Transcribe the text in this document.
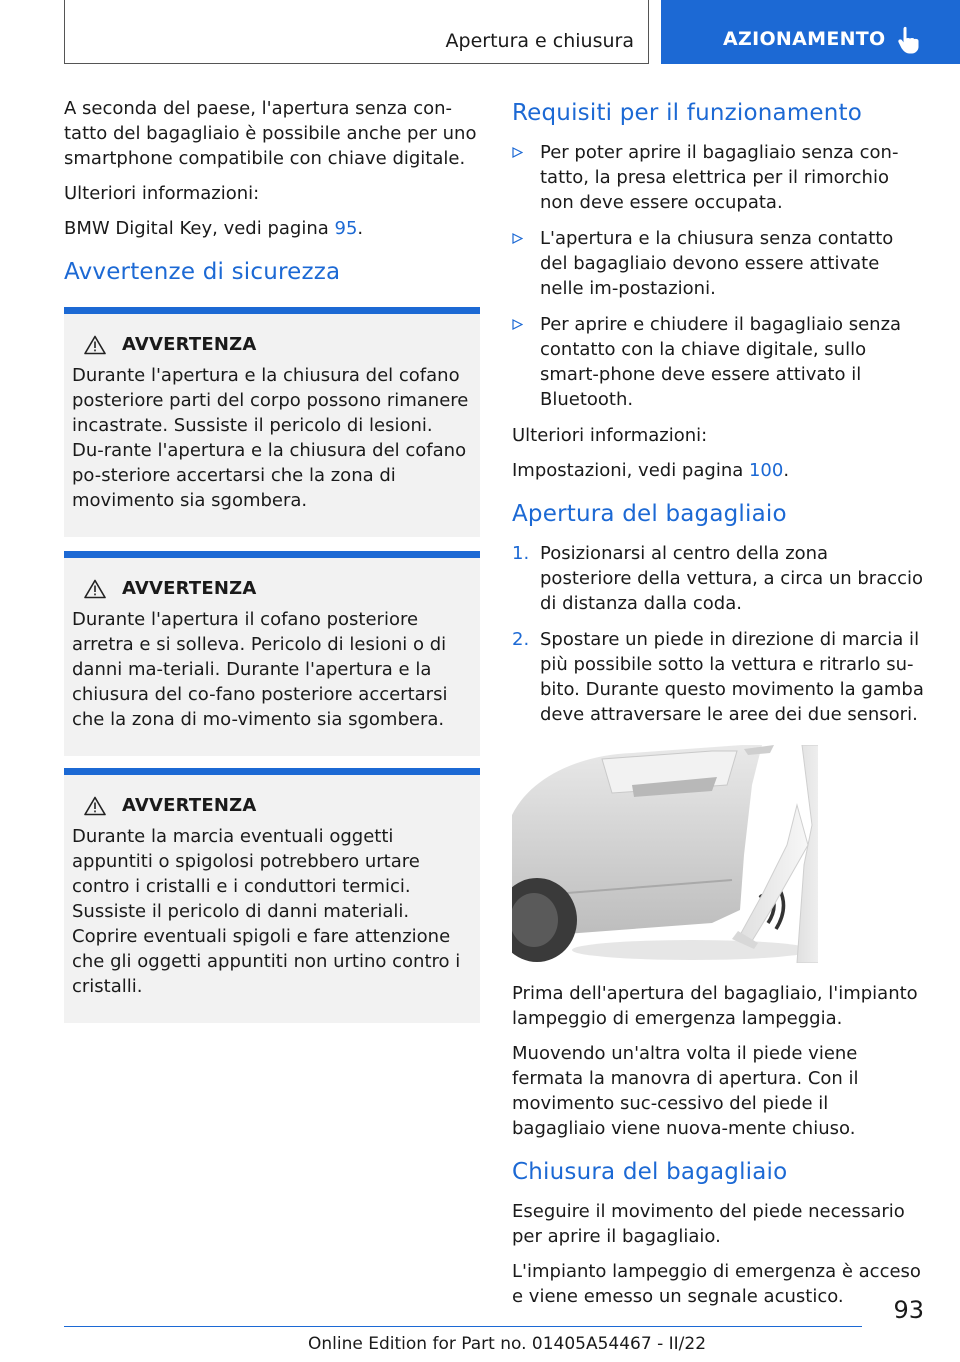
Apertura e chiusura	AZIONAMENTO

A seconda del paese, l'apertura senza con-tatto del bagagliaio è possibile anche per uno smartphone compatibile con chiave digitale.

Ulteriori informazioni:

BMW Digital Key, vedi pagina 95.

Avvertenze di sicurezza
AVVERTENZA

Durante l'apertura e la chiusura del cofano posteriore parti del corpo possono rimanere incastrate. Sussiste il pericolo di lesioni. Du-rante l'apertura e la chiusura del cofano po-steriore accertarsi che la zona di movimento sia sgombera.

AVVERTENZA

Durante l'apertura il cofano posteriore arretra e si solleva. Pericolo di lesioni o di danni ma-teriali. Durante l'apertura e la chiusura del co-fano posteriore accertarsi che la zona di mo-vimento sia sgombera.

AVVERTENZA

Durante la marcia eventuali oggetti appuntiti o spigolosi potrebbero urtare contro i cristalli e i conduttori termici. Sussiste il pericolo di danni materiali. Coprire eventuali spigoli e fare attenzione che gli oggetti appuntiti non urtino contro i cristalli.

Requisiti per il funzionamento
Per poter aprire il bagagliaio senza con-tatto, la presa elettrica per il rimorchio non deve essere occupata.
L'apertura e la chiusura senza contatto del bagagliaio devono essere attivate nelle im-postazioni.
Per aprire e chiudere il bagagliaio senza contatto con la chiave digitale, sullo smart-phone deve essere attivato il Bluetooth.

Ulteriori informazioni:

Impostazioni, vedi pagina 100.

Apertura del bagagliaio
1. Posizionarsi al centro della zona posteriore della vettura, a circa un braccio di distanza dalla coda.
2. Spostare un piede in direzione di marcia il più possibile sotto la vettura e ritrarlo su-bito. Durante questo movimento la gamba deve attraversare le aree dei due sensori.

Prima dell'apertura del bagagliaio, l'impianto lampeggio di emergenza lampeggia.

Muovendo un'altra volta il piede viene fermata la manovra di apertura. Con il movimento suc-cessivo del piede il bagagliaio viene nuova-mente chiuso.

Chiusura del bagagliaio

Eseguire il movimento del piede necessario per aprire il bagagliaio.

L'impianto lampeggio di emergenza è acceso e viene emesso un segnale acustico.	93
Online Edition for Part no. 01405A54467 - II/22
